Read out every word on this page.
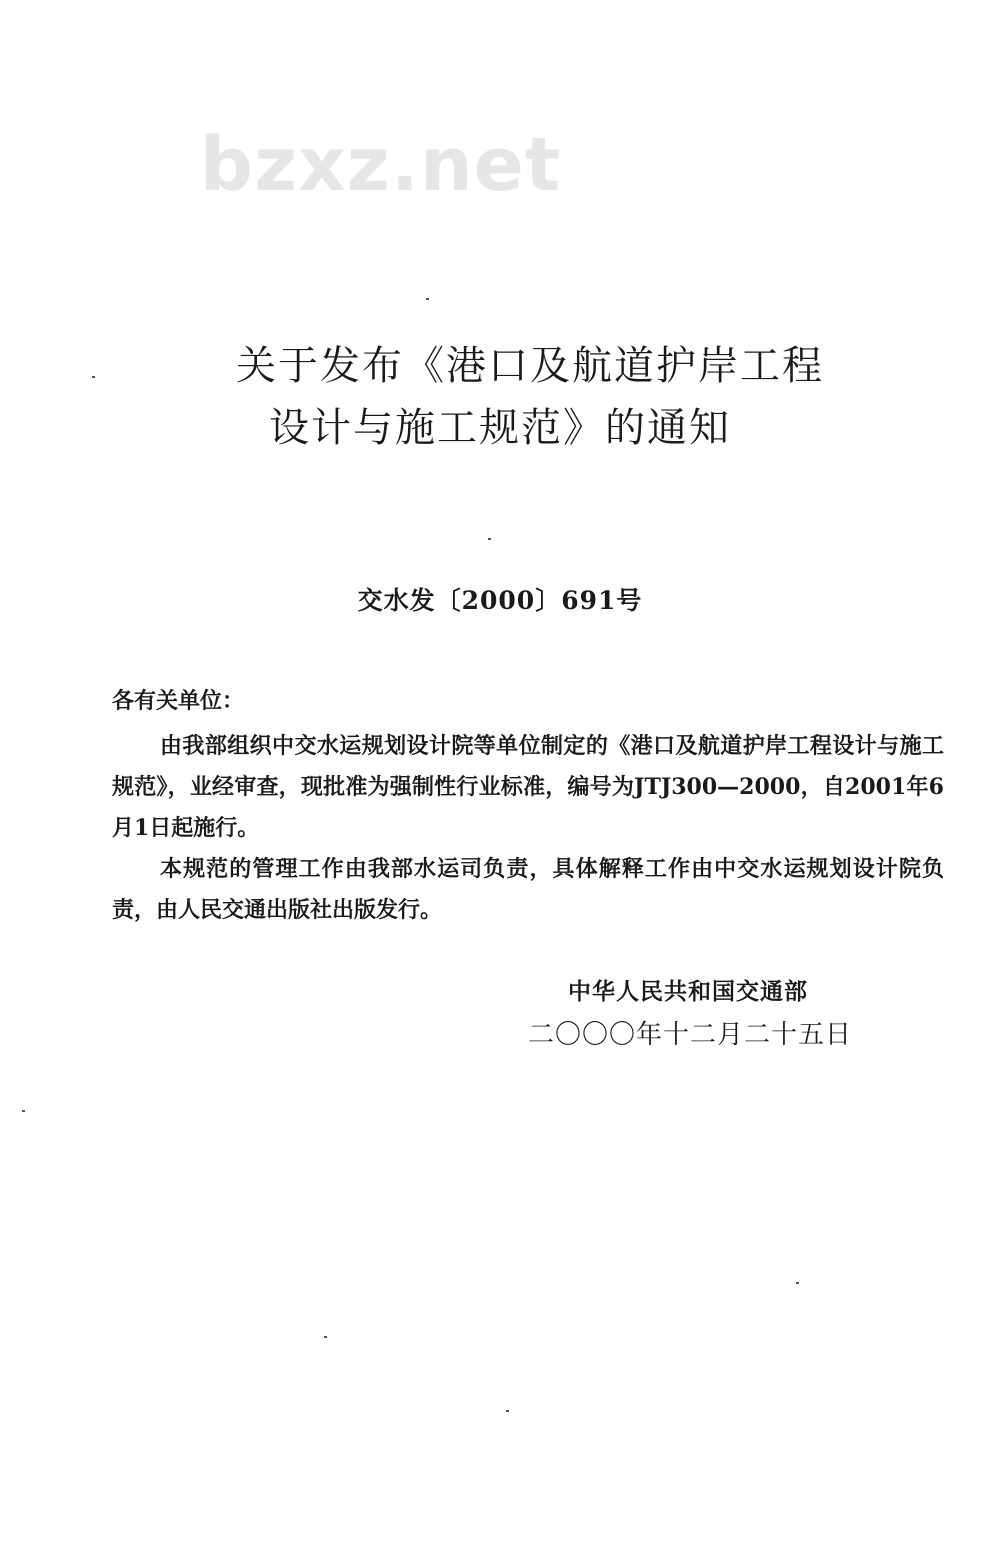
bzxz.net
关于发布《港口及航道护岸工程
设计与施工规范》的通知
交水发〔2000〕691号
各有关单位：

由我部组织中交水运规划设计院等单位制定的《港口及航道护岸工程设计与施工规范》，业经审查，现批准为强制性行业标准，编号为JTJ300—2000，自2001年6月1日起施行。

本规范的管理工作由我部水运司负责，具体解释工作由中交水运规划设计院负责，由人民交通出版社出版发行。

中华人民共和国交通部
二〇〇〇年十二月二十五日
